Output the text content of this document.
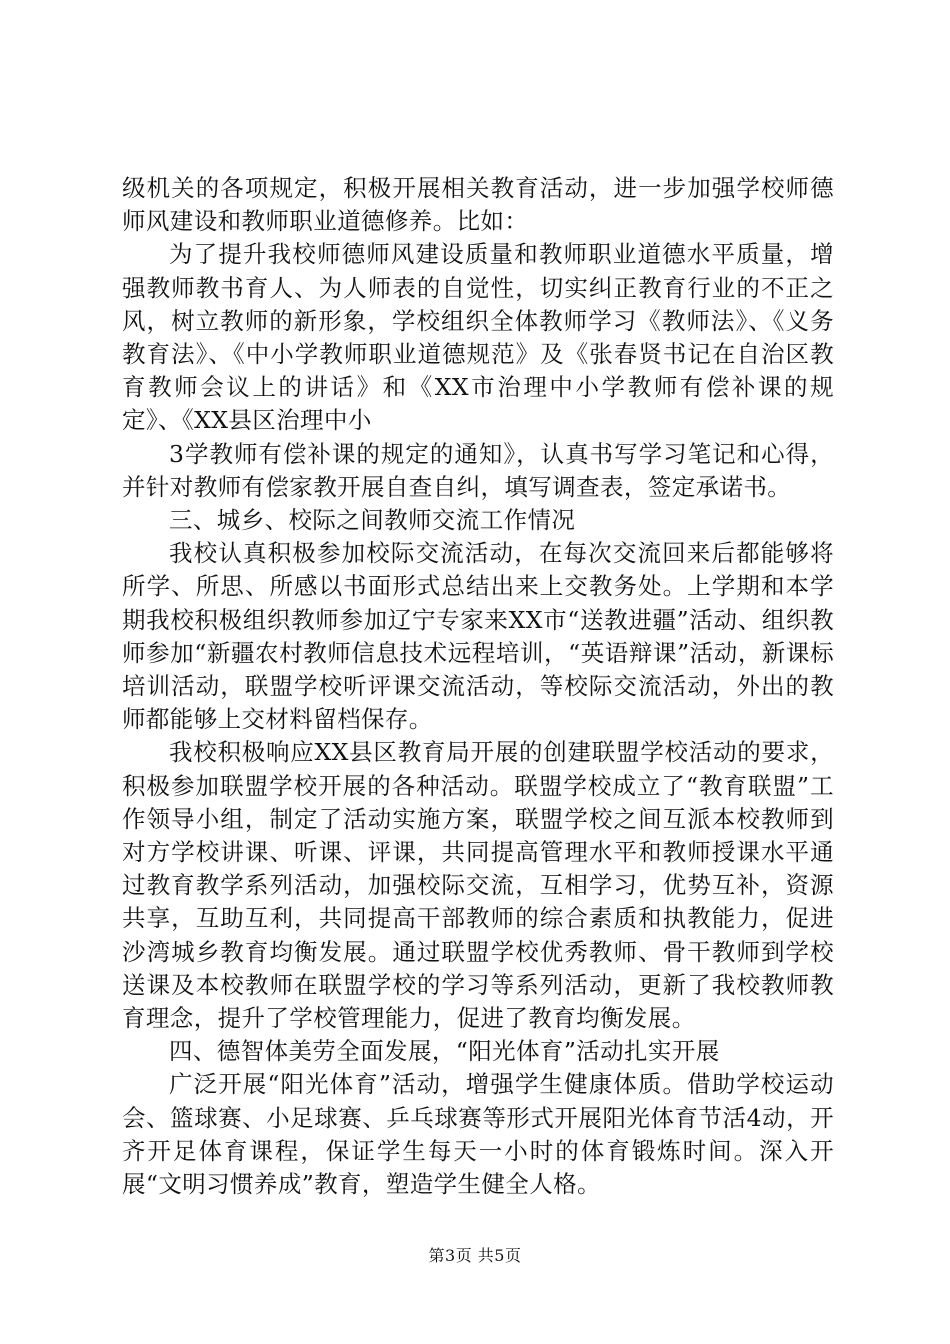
级机关的各项规定，积极开展相关教育活动，进一步加强学校师德师风建设和教师职业道德修养。比如：

为了提升我校师德师风建设质量和教师职业道德水平质量，增强教师教书育人、为人师表的自觉性，切实纠正教育行业的不正之风，树立教师的新形象，学校组织全体教师学习《教师法》、《义务教育法》、《中小学教师职业道德规范》及《张春贤书记在自治区教育教师会议上的讲话》和《XX市治理中小学教师有偿补课的规定》、《XX县区治理中小

3学教师有偿补课的规定的通知》，认真书写学习笔记和心得，并针对教师有偿家教开展自查自纠，填写调查表，签定承诺书。

三、城乡、校际之间教师交流工作情况

我校认真积极参加校际交流活动，在每次交流回来后都能够将所学、所思、所感以书面形式总结出来上交教务处。上学期和本学期我校积极组织教师参加辽宁专家来XX市“送教进疆”活动、组织教师参加“新疆农村教师信息技术远程培训，“英语辩课”活动，新课标培训活动，联盟学校听评课交流活动，等校际交流活动，外出的教师都能够上交材料留档保存。

我校积极响应XX县区教育局开展的创建联盟学校活动的要求，积极参加联盟学校开展的各种活动。联盟学校成立了“教育联盟”工作领导小组，制定了活动实施方案，联盟学校之间互派本校教师到对方学校讲课、听课、评课，共同提高管理水平和教师授课水平通过教育教学系列活动，加强校际交流，互相学习，优势互补，资源共享，互助互利，共同提高干部教师的综合素质和执教能力，促进沙湾城乡教育均衡发展。通过联盟学校优秀教师、骨干教师到学校送课及本校教师在联盟学校的学习等系列活动，更新了我校教师教育理念，提升了学校管理能力，促进了教育均衡发展。

四、德智体美劳全面发展，“阳光体育”活动扎实开展

广泛开展“阳光体育”活动，增强学生健康体质。借助学校运动会、篮球赛、小足球赛、乒乓球赛等形式开展阳光体育节活4动，开齐开足体育课程，保证学生每天一小时的体育锻炼时间。深入开展“文明习惯养成”教育，塑造学生健全人格。

第3页 共5页
